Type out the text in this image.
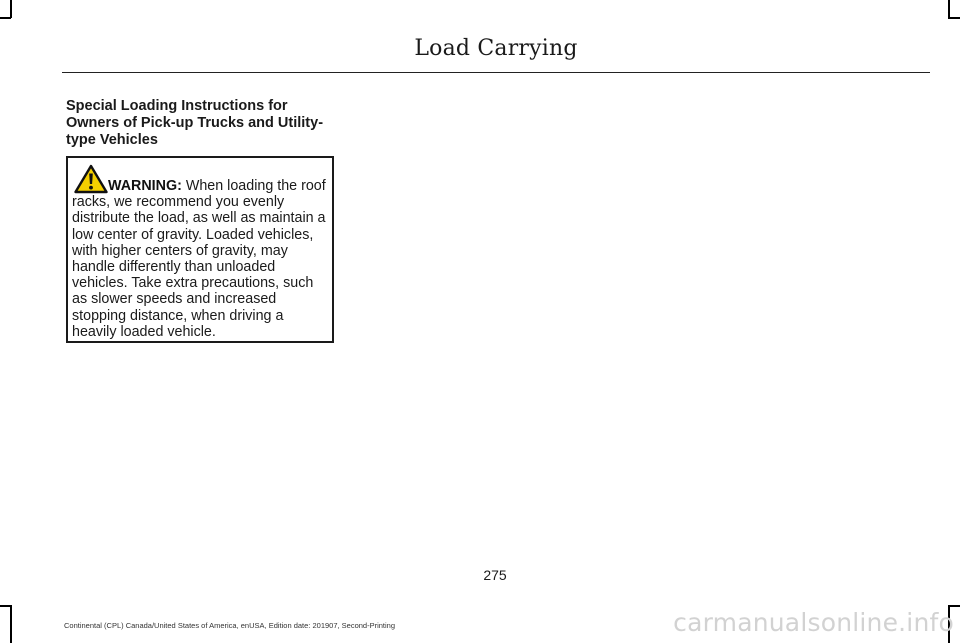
Load Carrying
Special Loading Instructions for Owners of Pick-up Trucks and Utility-type Vehicles
WARNING: When loading the roof racks, we recommend you evenly distribute the load, as well as maintain a low center of gravity. Loaded vehicles, with higher centers of gravity, may handle differently than unloaded vehicles. Take extra precautions, such as slower speeds and increased stopping distance, when driving a heavily loaded vehicle.
275
Continental (CPL) Canada/United States of America, enUSA, Edition date: 201907, Second-Printing	carmanualsonline.info
